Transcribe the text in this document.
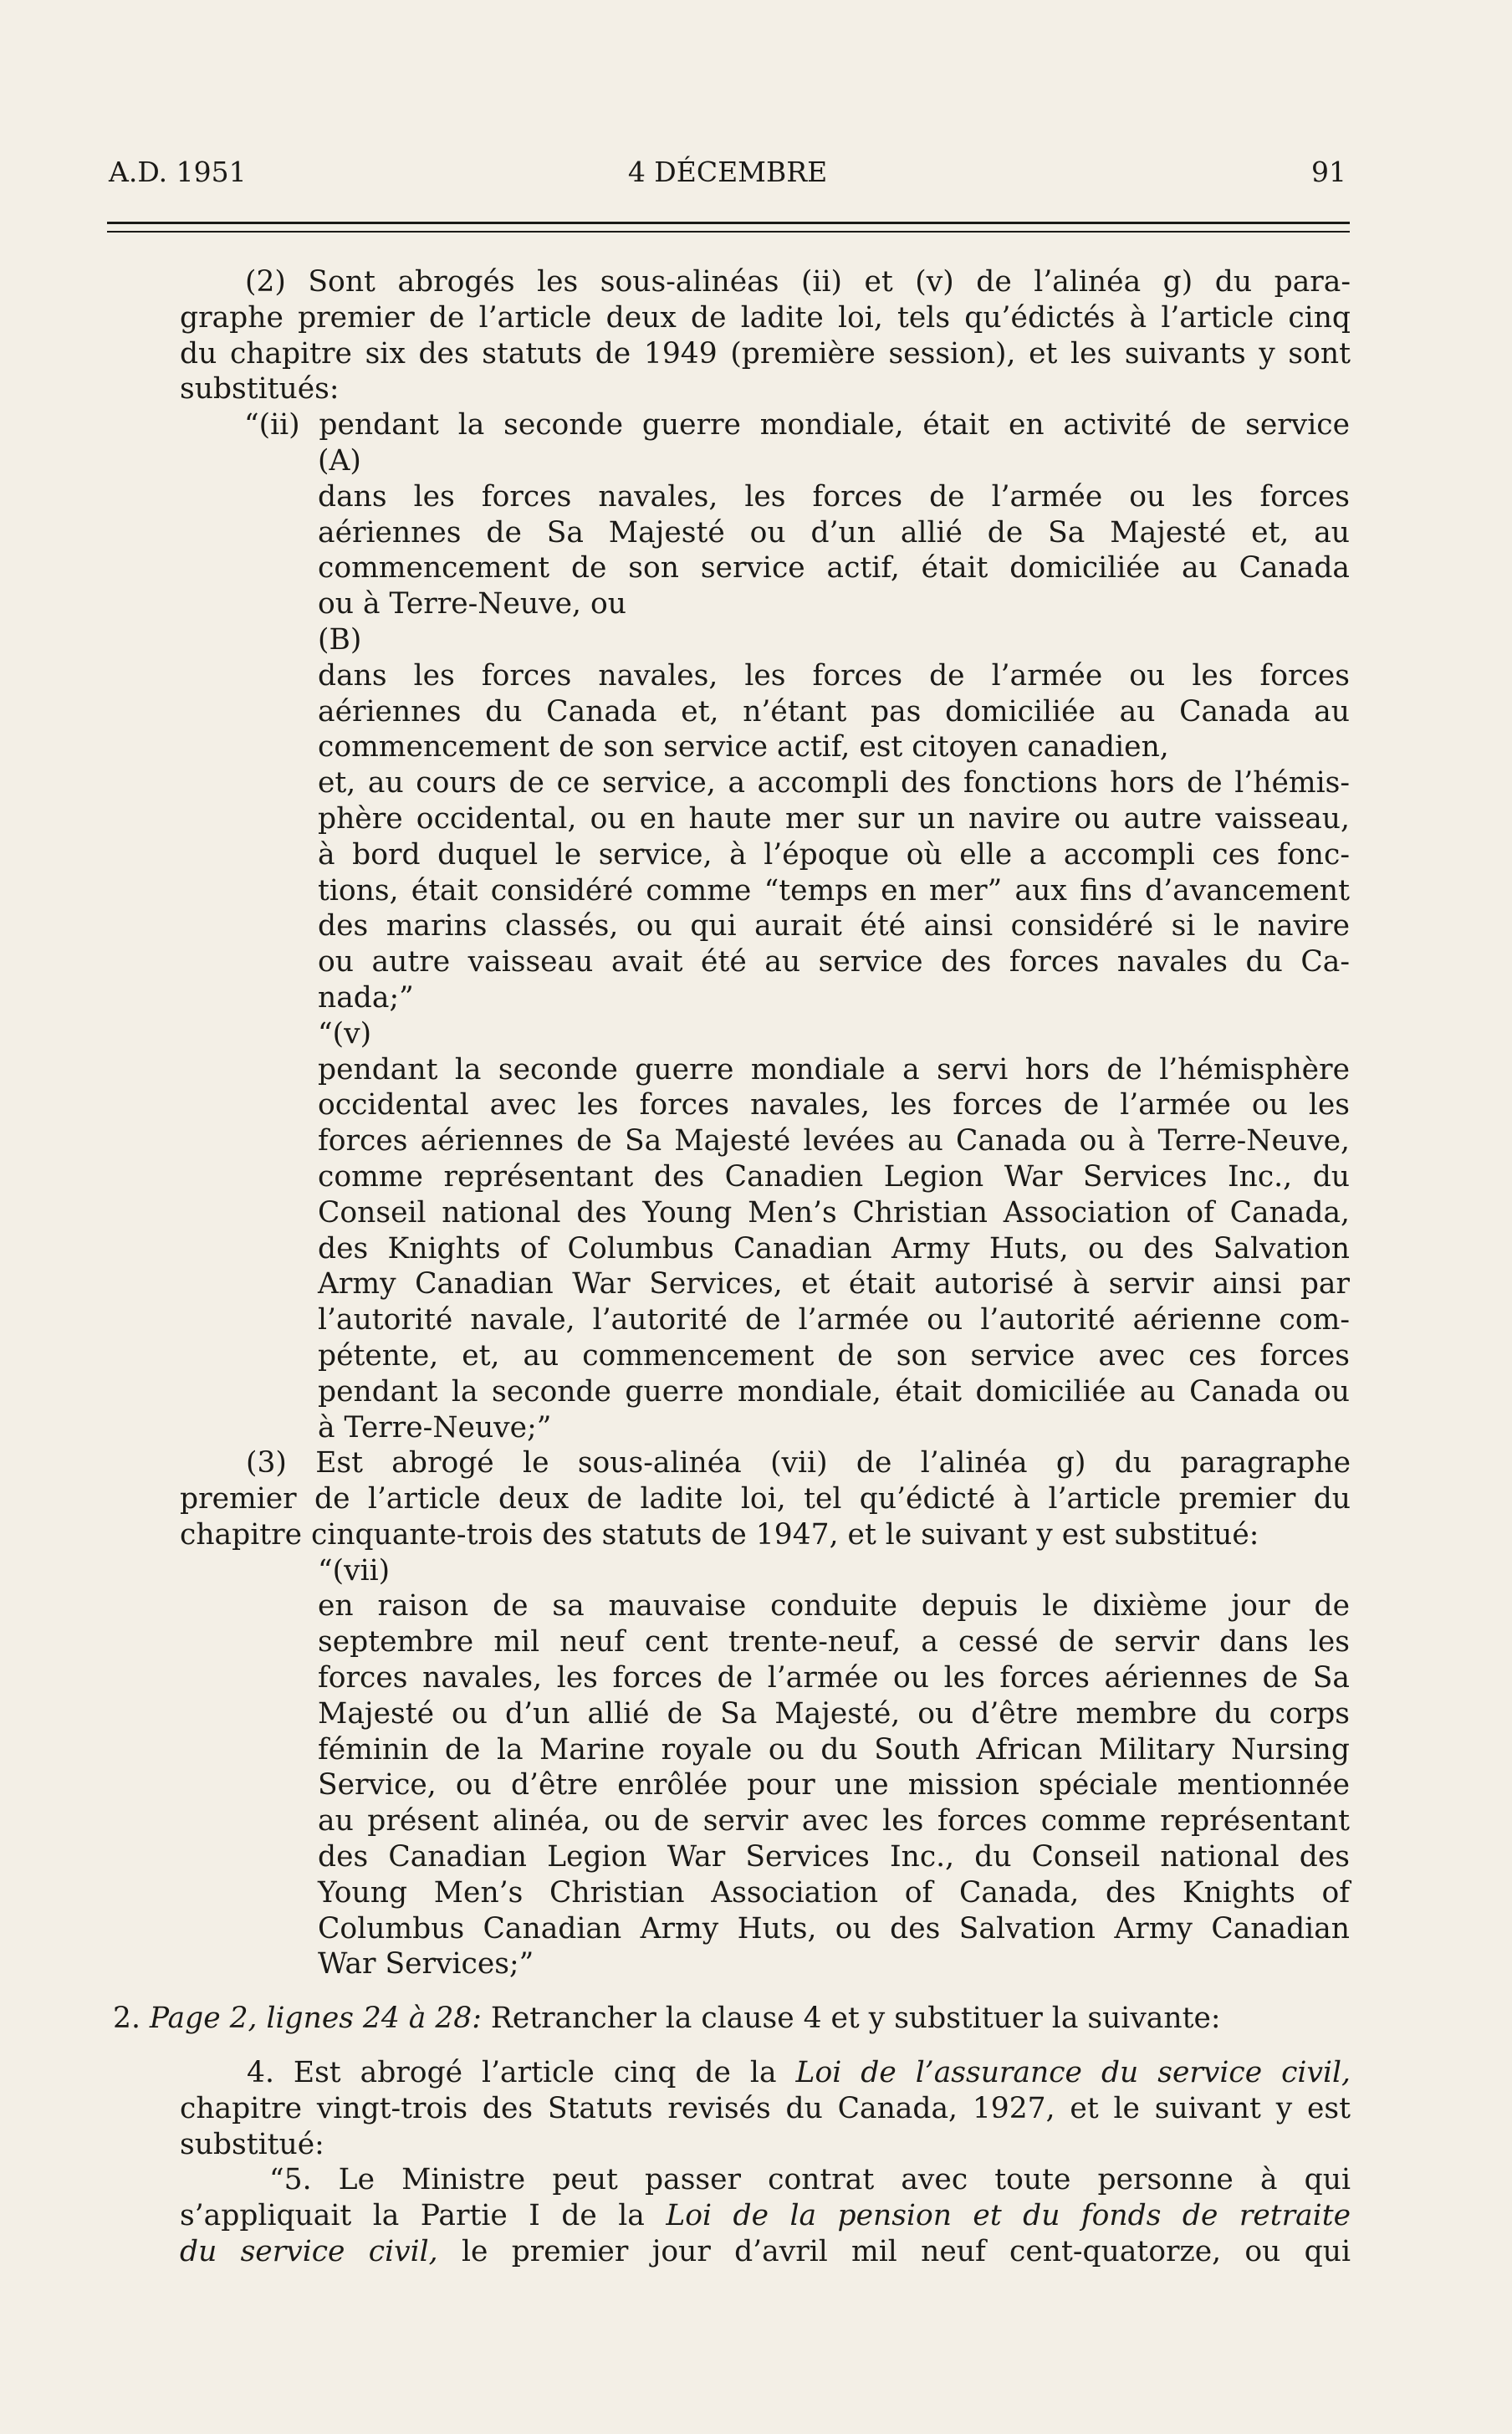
A.D. 1951	4 DÉCEMBRE	91
(2) Sont abrogés les sous-alinéas (ii) et (v) de l’alinéa g) du para-
graphe premier de l’article deux de ladite loi, tels qu’édictés à l’article cinq
du chapitre six des statuts de 1949 (première session), et les suivants y sont
substitués:
“(ii) pendant la seconde guerre mondiale, était en activité de service
(A)
dans les forces navales, les forces de l’armée ou les forces
aériennes de Sa Majesté ou d’un allié de Sa Majesté et, au
commencement de son service actif, était domiciliée au Canada
ou à Terre-Neuve, ou
(B)
dans les forces navales, les forces de l’armée ou les forces
aériennes du Canada et, n’étant pas domiciliée au Canada au
commencement de son service actif, est citoyen canadien,
et, au cours de ce service, a accompli des fonctions hors de l’hémis-
phère occidental, ou en haute mer sur un navire ou autre vaisseau,
à bord duquel le service, à l’époque où elle a accompli ces fonc-
tions, était considéré comme “temps en mer” aux fins d’avancement
des marins classés, ou qui aurait été ainsi considéré si le navire
ou autre vaisseau avait été au service des forces navales du Ca-
nada;”
“(v)
pendant la seconde guerre mondiale a servi hors de l’hémisphère
occidental avec les forces navales, les forces de l’armée ou les
forces aériennes de Sa Majesté levées au Canada ou à Terre-Neuve,
comme représentant des Canadien Legion War Services Inc., du
Conseil national des Young Men’s Christian Association of Canada,
des Knights of Columbus Canadian Army Huts, ou des Salvation
Army Canadian War Services, et était autorisé à servir ainsi par
l’autorité navale, l’autorité de l’armée ou l’autorité aérienne com-
pétente, et, au commencement de son service avec ces forces
pendant la seconde guerre mondiale, était domiciliée au Canada ou
à Terre-Neuve;”
(3) Est abrogé le sous-alinéa (vii) de l’alinéa g) du paragraphe
premier de l’article deux de ladite loi, tel qu’édicté à l’article premier du
chapitre cinquante-trois des statuts de 1947, et le suivant y est substitué:
“(vii)
en raison de sa mauvaise conduite depuis le dixième jour de
septembre mil neuf cent trente-neuf, a cessé de servir dans les
forces navales, les forces de l’armée ou les forces aériennes de Sa
Majesté ou d’un allié de Sa Majesté, ou d’être membre du corps
féminin de la Marine royale ou du South African Military Nursing
Service, ou d’être enrôlée pour une mission spéciale mentionnée
au présent alinéa, ou de servir avec les forces comme représentant
des Canadian Legion War Services Inc., du Conseil national des
Young Men’s Christian Association of Canada, des Knights of
Columbus Canadian Army Huts, ou des Salvation Army Canadian
War Services;”
2. Page 2, lignes 24 à 28: Retrancher la clause 4 et y substituer la suivante:
4. Est abrogé l’article cinq de la Loi de l’assurance du service civil,
chapitre vingt-trois des Statuts revisés du Canada, 1927, et le suivant y est
substitué:
“5. Le Ministre peut passer contrat avec toute personne à qui
s’appliquait la Partie I de la Loi de la pension et du fonds de retraite
du service civil, le premier jour d’avril mil neuf cent-quatorze, ou qui
